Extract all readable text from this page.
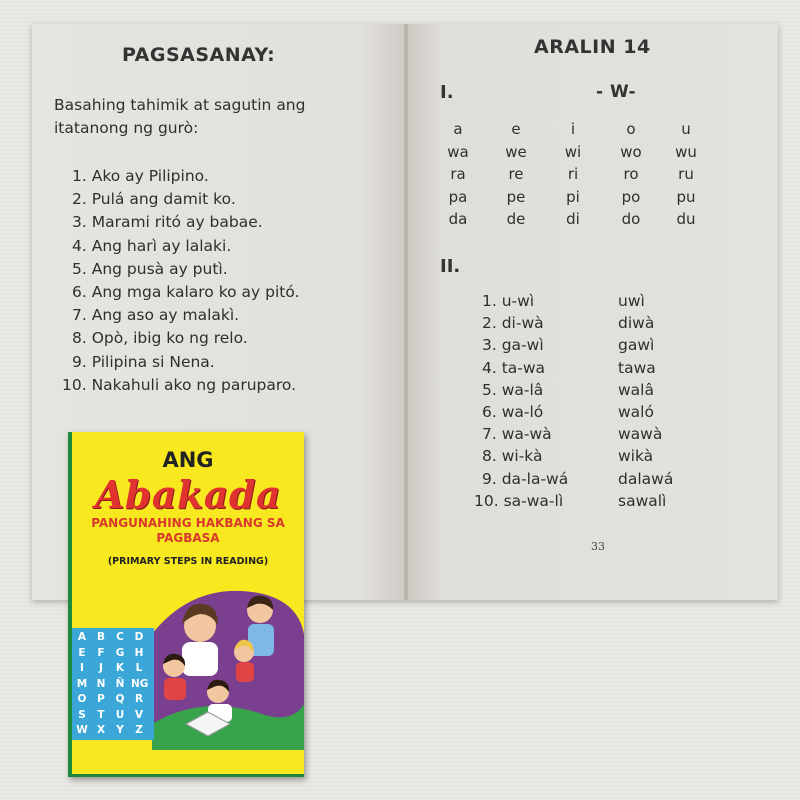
PAGSASANAY:
Basahing tahimik at sagutin ang
itatanong ng gurò:
1. Ako ay Pilipino.
2. Pulá ang damit ko.
3. Marami ritó ay babae.
4. Ang harì ay lalaki.
5. Ang pusà ay putì.
6. Ang mga kalaro ko ay pitó.
7. Ang aso ay malakì.
8. Opò, ibig ko ng relo.
9. Pilipina si Nena.
10. Nakahuli ako ng paruparo.
ARALIN 14
I.	- W-
a	e	i	o	u
wa	we	wi	wo	wu
ra	re	ri	ro	ru
pa	pe	pi	po	pu
da	de	di	do	du
II.
1. u-wì	uwì
2. di-wà	diwà
3. ga-wì	gawì
4. ta-wa	tawa
5. wa-lâ	walâ
6. wa-ló	waló
7. wa-wà	wawà
8. wi-kà	wikà
9. da-la-wá	dalawá
10. sa-wa-lì	sawalì
33
ANG
Abakada
PANGUNAHING HAKBANG SA
PAGBASA
(PRIMARY STEPS IN READING)
A	B	C	D
E	F	G H
I	J	K	L
M N Ñ NG
O	P	Q R
S	T	U	V
W X	Y	Z
